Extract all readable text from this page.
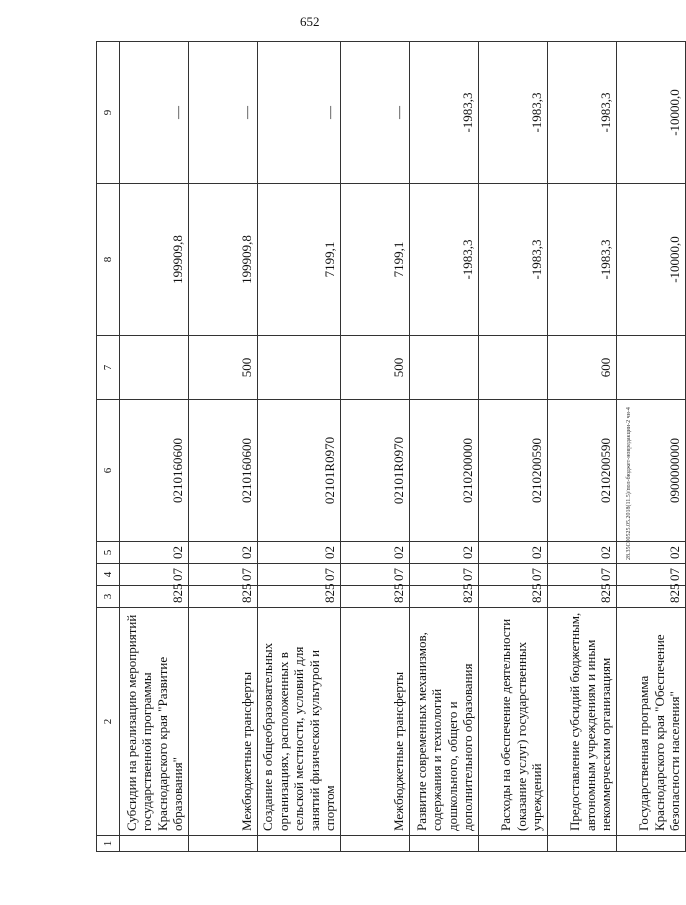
652
28.35С00525.05.2018(11.5)/пол-бюджет-новредакции-2 чн-4
1	2	3	4	5	6	7	8	9
	Субсидии на реализацию мероприятий государственной программы Краснодарского края "Развитие образования"	825	07	02	0210160600		199909,8	—
	Межбюджетные трансферты	825	07	02	0210160600	500	199909,8	—
	Создание в общеобразовательных организациях, расположенных в сельской местности, условий для занятий физической культурой и спортом	825	07	02	02101R0970		7199,1	—
	Межбюджетные трансферты	825	07	02	02101R0970	500	7199,1	—
	Развитие современных механизмов, содержания и технологий дошкольного, общего и дополнительного образования	825	07	02	0210200000		-1983,3	-1983,3
	Расходы на обеспечение деятельности (оказание услуг) государственных учреждений	825	07	02	0210200590		-1983,3	-1983,3
	Предоставление субсидий бюджетным, автономным учреждениям и иным некоммерческим организациям	825	07	02	0210200590	600	-1983,3	-1983,3
	Государственная программа Краснодарского края "Обеспечение безопасности населения"	825	07	02	0900000000		-10000,0	-10000,0
